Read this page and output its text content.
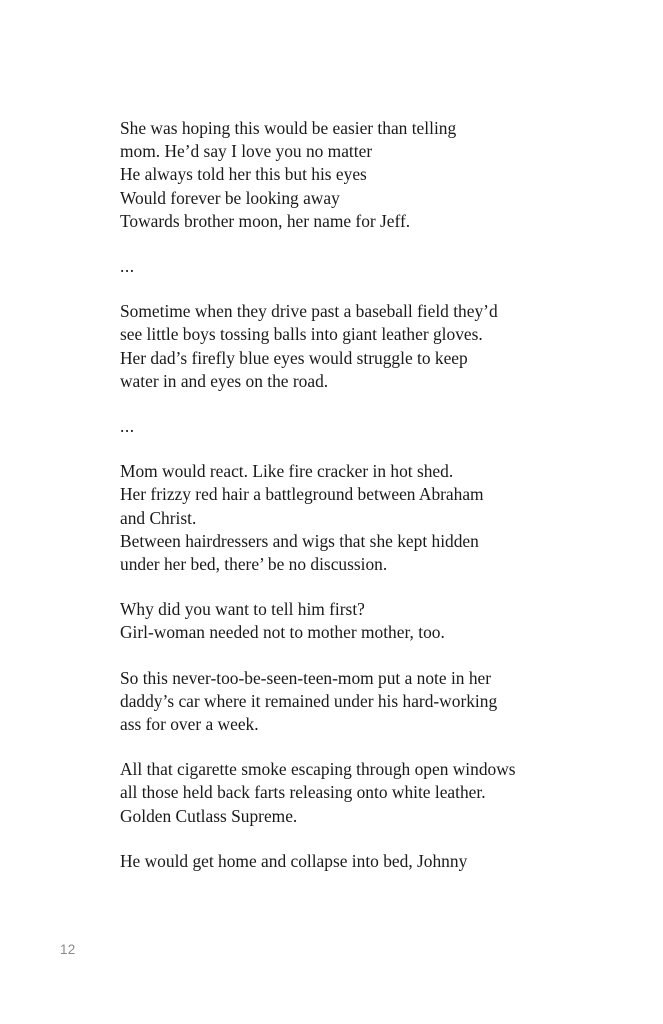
She was hoping this would be easier than telling
mom. He’d say I love you no matter
He always told her this but his eyes
Would forever be looking away
Towards brother moon, her name for Jeff.

...

Sometime when they drive past a baseball field they’d
see little boys tossing balls into giant leather gloves.
Her dad’s firefly blue eyes would struggle to keep
water in and eyes on the road.

...

Mom would react. Like fire cracker in hot shed.
Her frizzy red hair a battleground between Abraham
and Christ.
Between hairdressers and wigs that she kept hidden
under her bed, there’ be no discussion.

Why did you want to tell him first?
Girl-woman needed not to mother mother, too.

So this never-too-be-seen-teen-mom put a note in her
daddy’s car where it remained under his hard-working
ass for over a week.

All that cigarette smoke escaping through open windows
all those held back farts releasing onto white leather.
Golden Cutlass Supreme.

He would get home and collapse into bed, Johnny

12
